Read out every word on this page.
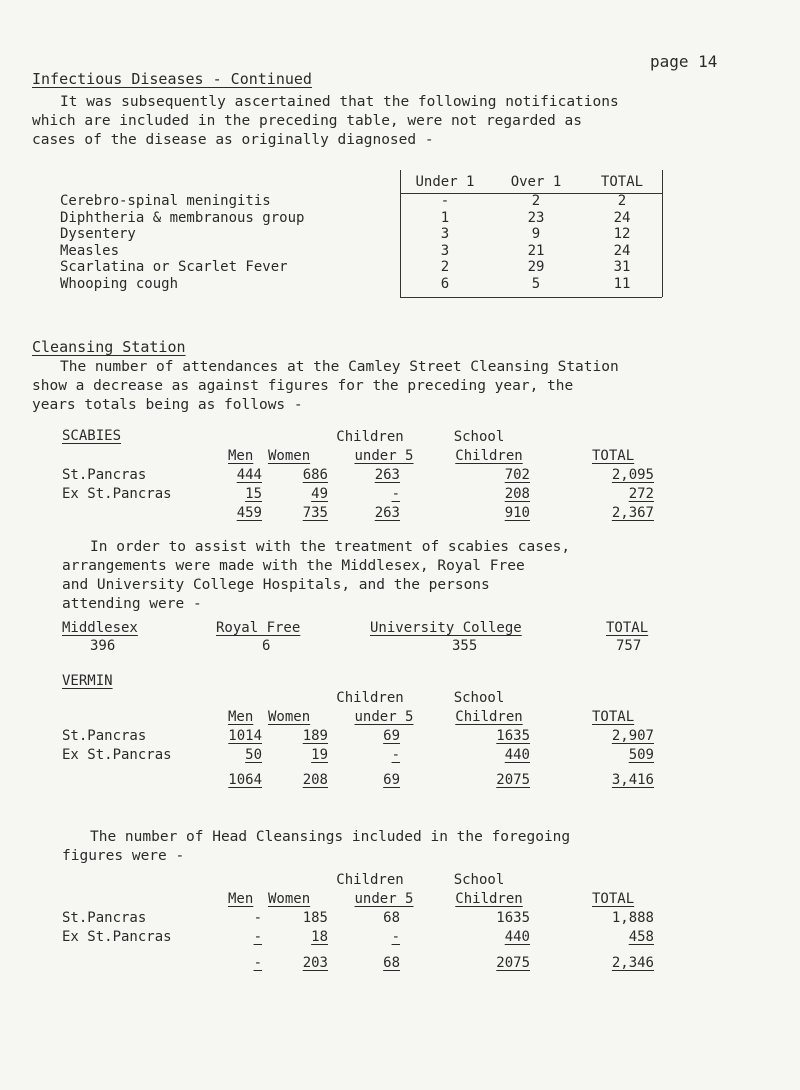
page 14
Infectious Diseases - Continued
It was subsequently ascertained that the following notifications
which are included in the preceding table, were not regarded as
cases of the disease as originally diagnosed -
Under 1	Over 1	TOTAL
Cerebro-spinal meningitis	-	2	2
Diphtheria & membranous group	1	23	24
Dysentery	3	9	12
Measles	3	21	24
Scarlatina or Scarlet Fever	2	29	31
Whooping cough	6	5	11
Cleansing Station
The number of attendances at the Camley Street Cleansing Station
show a decrease as against figures for the preceding year, the
years totals being as follows -
SCABIES	Children	School
Men Women	under 5	Children	TOTAL
St.Pancras	444	686	263	702	2,095
Ex St.Pancras	15	49	-	208	272
459	735	263	910	2,367
In order to assist with the treatment of scabies cases,
arrangements were made with the Middlesex, Royal Free
and University College Hospitals, and the persons
attending were -
Middlesex	Royal Free	University College	TOTAL
396	6	355	757
VERMIN
Children	School
Men Women	under 5	Children	TOTAL
St.Pancras	1014	189	69	1635	2,907
Ex St.Pancras	50	19	-	440	509
1064	208	69	2075	3,416
The number of Head Cleansings included in the foregoing
figures were -
Children	School
Men Women	under 5	Children	TOTAL
St.Pancras	-	185	68	1635	1,888
Ex St.Pancras	-	18	-	440	458
-	203	68	2075	2,346
